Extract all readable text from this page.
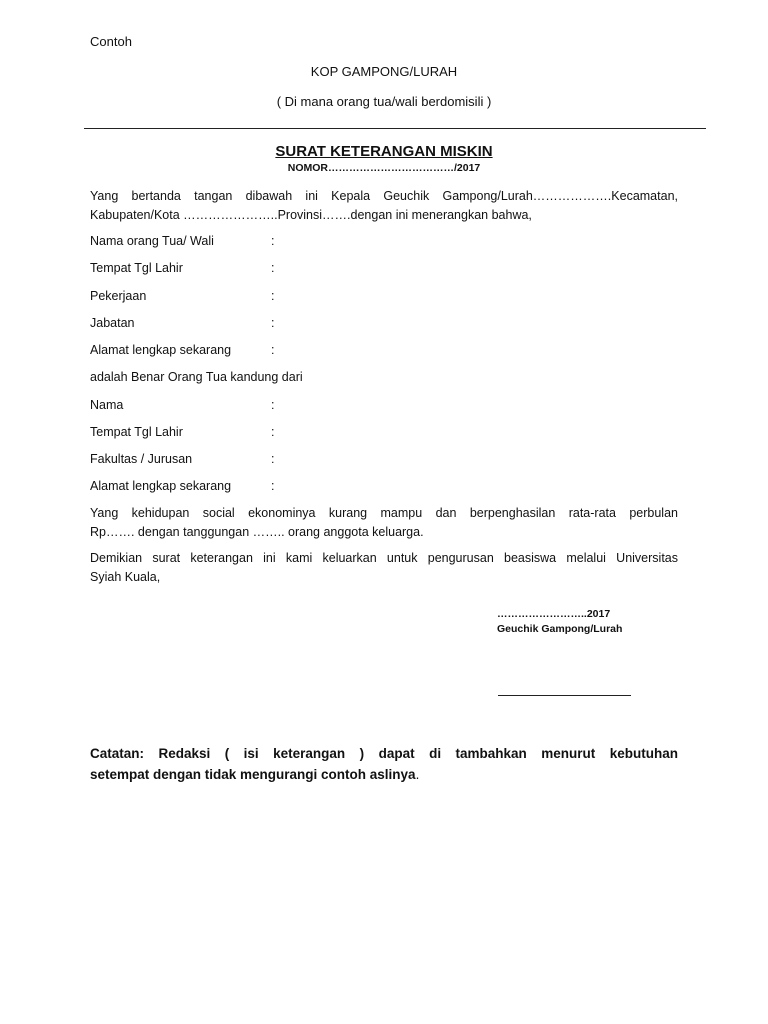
Contoh
KOP GAMPONG/LURAH
( Di mana orang tua/wali berdomisili )
SURAT KETERANGAN MISKIN
NOMOR………………………………/2017
Yang bertanda tangan dibawah ini Kepala Geuchik Gampong/Lurah……………….Kecamatan,
Kabupaten/Kota …………………..Provinsi…….dengan ini menerangkan bahwa,
Nama orang Tua/ Wali	:
Tempat Tgl Lahir	:
Pekerjaan	:
Jabatan	:
Alamat lengkap sekarang	:
adalah Benar Orang Tua kandung dari
Nama	:
Tempat Tgl Lahir	:
Fakultas / Jurusan	:
Alamat lengkap sekarang	:
Yang kehidupan social ekonominya kurang mampu dan berpenghasilan rata-rata perbulan
Rp……. dengan tanggungan …….. orang anggota keluarga.
Demikian surat keterangan ini kami keluarkan untuk pengurusan beasiswa melalui Universitas
Syiah Kuala,
……………………..2017
Geuchik Gampong/Lurah
Catatan: Redaksi ( isi keterangan ) dapat di tambahkan menurut kebutuhan
setempat dengan tidak mengurangi contoh aslinya.
